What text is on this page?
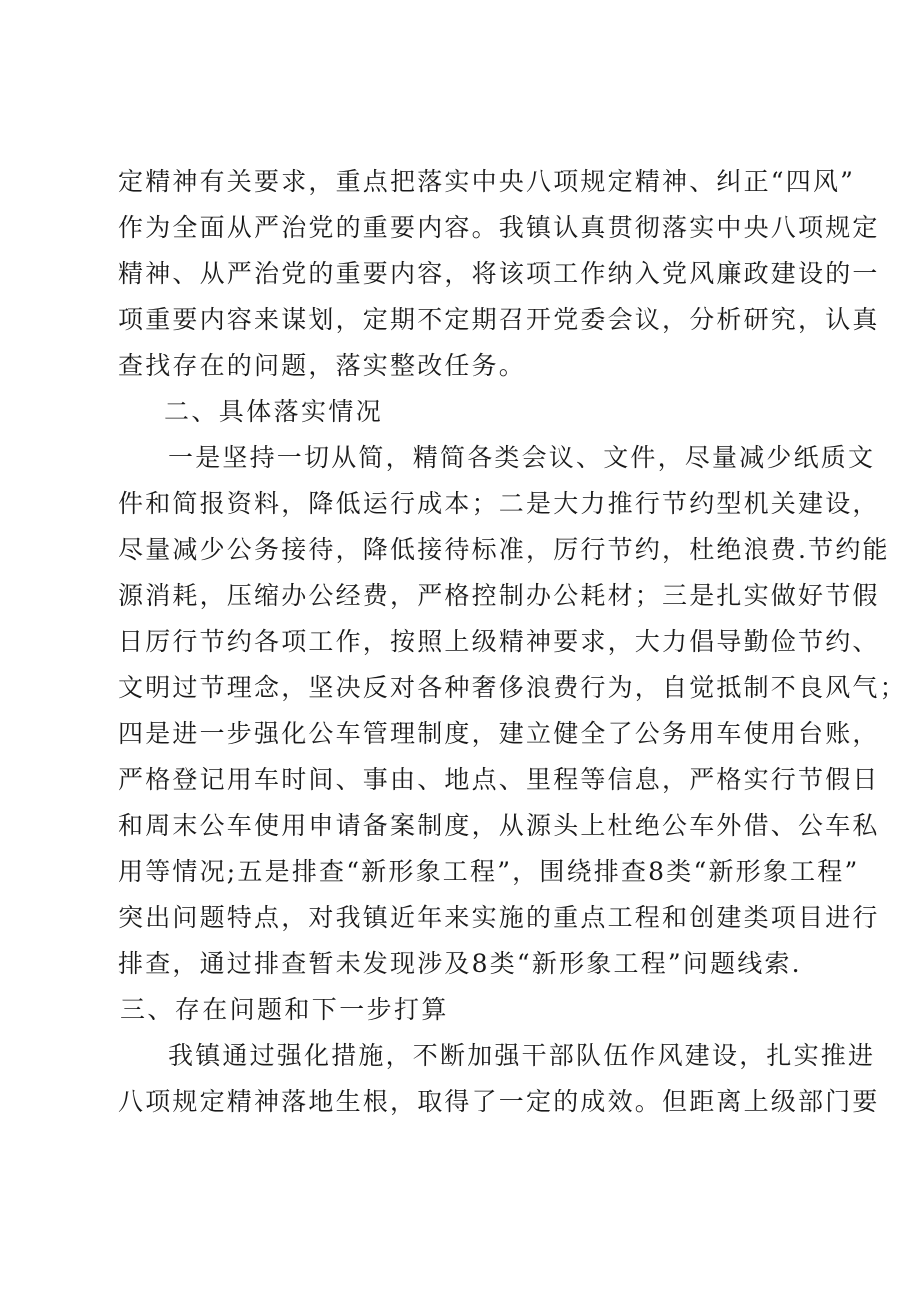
定精神有关要求，重点把落实中央八项规定精神、纠正“四风”
作为全面从严治党的重要内容。我镇认真贯彻落实中央八项规定
精神、从严治党的重要内容，将该项工作纳入党风廉政建设的一
项重要内容来谋划，定期不定期召开党委会议，分析研究，认真
查找存在的问题，落实整改任务。
二、具体落实情况
一是坚持一切从简，精简各类会议、文件，尽量减少纸质文
件和简报资料，降低运行成本；二是大力推行节约型机关建设，
尽量减少公务接待，降低接待标准，厉行节约，杜绝浪费.节约能
源消耗，压缩办公经费，严格控制办公耗材；三是扎实做好节假
日厉行节约各项工作，按照上级精神要求，大力倡导勤俭节约、
文明过节理念，坚决反对各种奢侈浪费行为，自觉抵制不良风气；
四是进一步强化公车管理制度，建立健全了公务用车使用台账，
严格登记用车时间、事由、地点、里程等信息，严格实行节假日
和周末公车使用申请备案制度，从源头上杜绝公车外借、公车私
用等情况;五是排查“新形象工程”，围绕排查8类“新形象工程”
突出问题特点，对我镇近年来实施的重点工程和创建类项目进行
排查，通过排查暂未发现涉及8类“新形象工程”问题线索.
三、存在问题和下一步打算
我镇通过强化措施，不断加强干部队伍作风建设，扎实推进
八项规定精神落地生根，取得了一定的成效。但距离上级部门要
